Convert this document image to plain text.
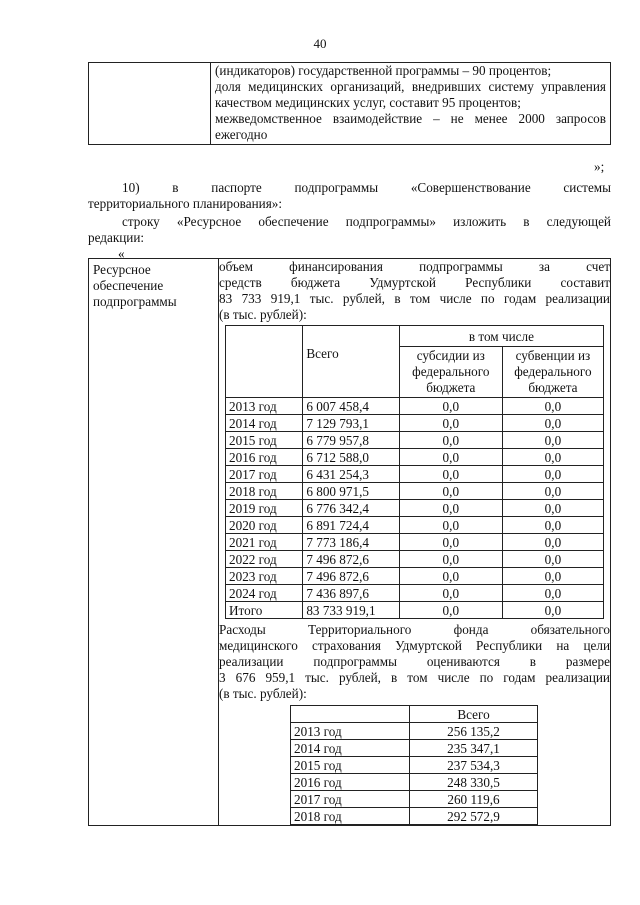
40

(индикаторов) государственной программы – 90 процентов;

доля медицинских организаций, внедривших систему управления качеством медицинских услуг, составит 95 процентов;

межведомственное взаимодействие – не менее 2000 запросов ежегодно

»;

10) в паспорте подпрограммы «Совершенствование системы
территориального планирования»:

строку «Ресурсное обеспечение подпрограммы» изложить в следующей
редакции:

«
Ресурсное
обеспечение
подпрограммы

объем финансирования подпрограммы за счет
средств бюджета Удмуртской Республики составит
83 733 919,1 тыс. рублей, в том числе по годам реализации
(в тыс. рублей):
	Всего	в том числе
субсидии из федерального бюджета	субвенции из федерального бюджета
2013 год	6 007 458,4	0,0	0,0
2014 год	7 129 793,1	0,0	0,0
2015 год	6 779 957,8	0,0	0,0
2016 год	6 712 588,0	0,0	0,0
2017 год	6 431 254,3	0,0	0,0
2018 год	6 800 971,5	0,0	0,0
2019 год	6 776 342,4	0,0	0,0
2020 год	6 891 724,4	0,0	0,0
2021 год	7 773 186,4	0,0	0,0
2022 год	7 496 872,6	0,0	0,0
2023 год	7 496 872,6	0,0	0,0
2024 год	7 436 897,6	0,0	0,0
Итого	83 733 919,1	0,0	0,0
Расходы Территориального фонда обязательного
медицинского страхования Удмуртской Республики на цели
реализации подпрограммы оцениваются в размере
3 676 959,1 тыс. рублей, в том числе по годам реализации
(в тыс. рублей):
	Всего
2013 год	256 135,2
2014 год	235 347,1
2015 год	237 534,3
2016 год	248 330,5
2017 год	260 119,6
2018 год	292 572,9
